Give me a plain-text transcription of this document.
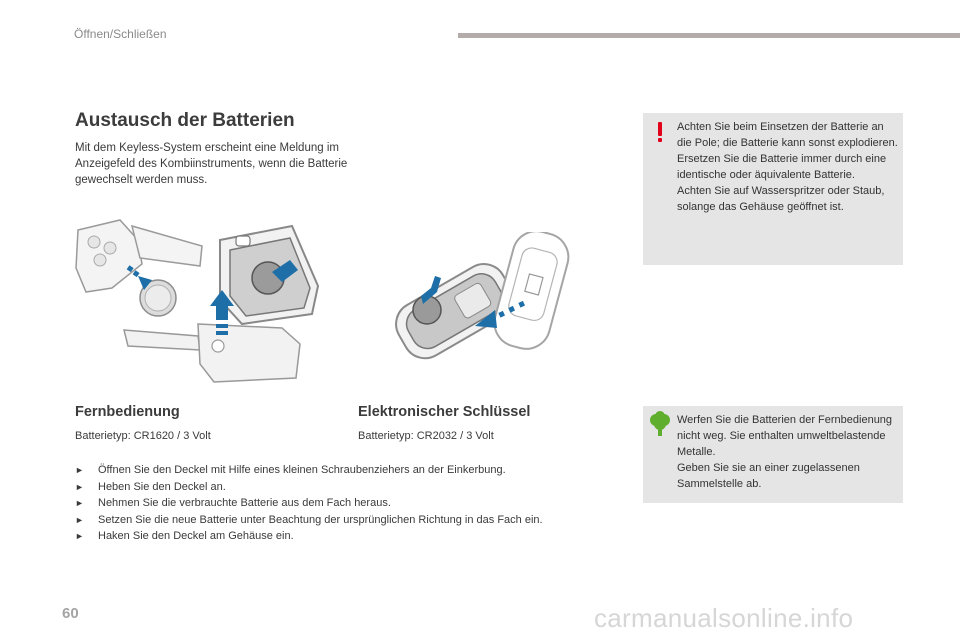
Öffnen/Schließen
Austausch der Batterien
Mit dem Keyless-System erscheint eine Meldung im Anzeigefeld des Kombiinstruments, wenn die Batterie gewechselt werden muss.
Achten Sie beim Einsetzen der Batterie an die Pole; die Batterie kann sonst explodieren.
Ersetzen Sie die Batterie immer durch eine identische oder äquivalente Batterie.
Achten Sie auf Wasserspritzer oder Staub, solange das Gehäuse geöffnet ist.
Fernbedienung
Batterietyp: CR1620 / 3 Volt
Elektronischer Schlüssel
Batterietyp: CR2032 / 3 Volt
►	Öffnen Sie den Deckel mit Hilfe eines kleinen Schraubenziehers an der Einkerbung.
►	Heben Sie den Deckel an.
►	Nehmen Sie die verbrauchte Batterie aus dem Fach heraus.
►	Setzen Sie die neue Batterie unter Beachtung der ursprünglichen Richtung in das Fach ein.
►	Haken Sie den Deckel am Gehäuse ein.
Werfen Sie die Batterien der Fernbedienung nicht weg. Sie enthalten umweltbelastende Metalle.
Geben Sie sie an einer zugelassenen Sammelstelle ab.
60	carmanualsonline.info
